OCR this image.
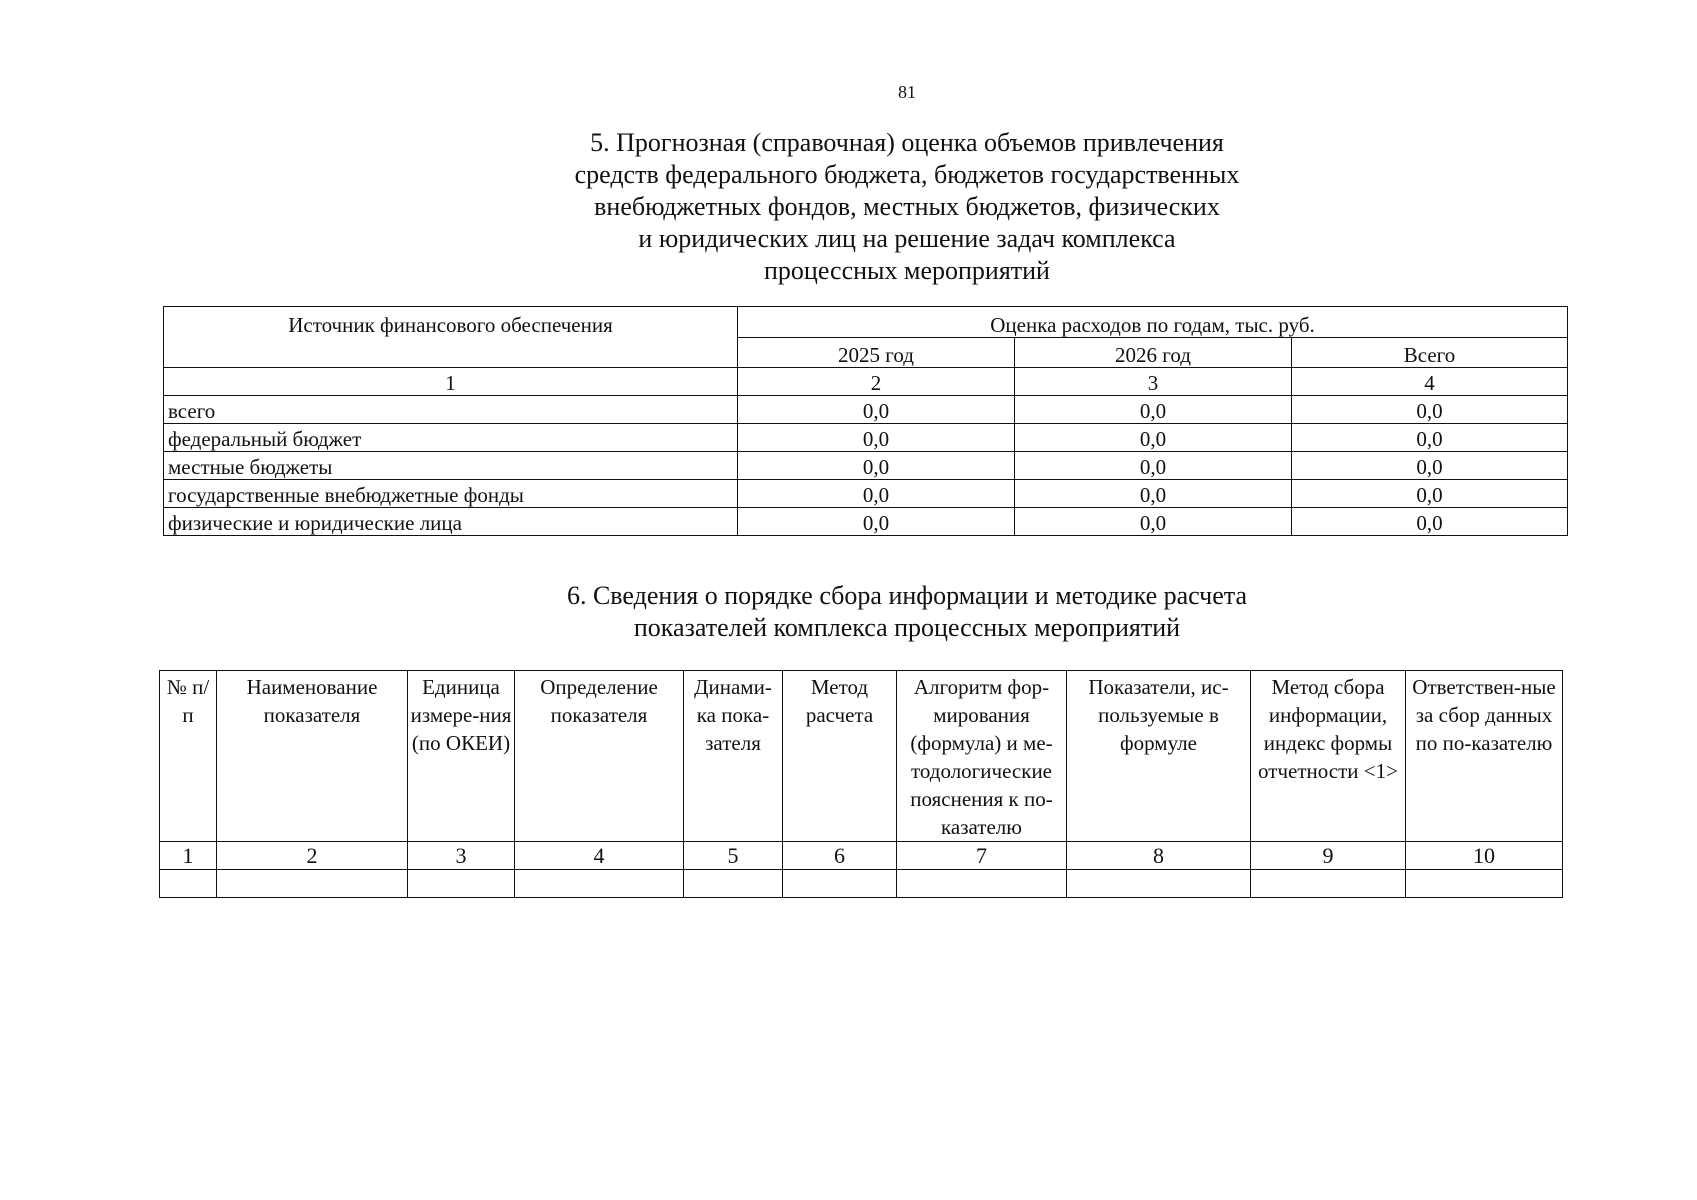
81
5. Прогнозная (справочная) оценка объемов привлечения
средств федерального бюджета, бюджетов государственных
внебюджетных фондов, местных бюджетов, физических
и юридических лиц на решение задач комплекса
процессных мероприятий
Источник финансового обеспечения	Оценка расходов по годам, тыс. руб.		
	2025 год	2026 год	Всего
1	2	3	4
всего	0,0	0,0	0,0
федеральный бюджет	0,0	0,0	0,0
местные бюджеты	0,0	0,0	0,0
государственные внебюджетные фонды	0,0	0,0	0,0
физические и юридические лица	0,0	0,0	0,0
6. Сведения о порядке сбора информации и методике расчета
показателей комплекса процессных мероприятий
№ п/п	Наименование показателя	Единица измере-ния (по ОКЕИ)	Определение показателя	Динами-ка пока-зателя	Метод расчета	Алгоритм фор-мирования (формула) и ме-тодологические пояснения к по-казателю	Показатели, ис-пользуемые в формуле	Метод сбора информации, индекс формы отчетности <1>	Ответствен-ные за сбор данных по по-казателю
1	2	3	4	5	6	7	8	9	10
